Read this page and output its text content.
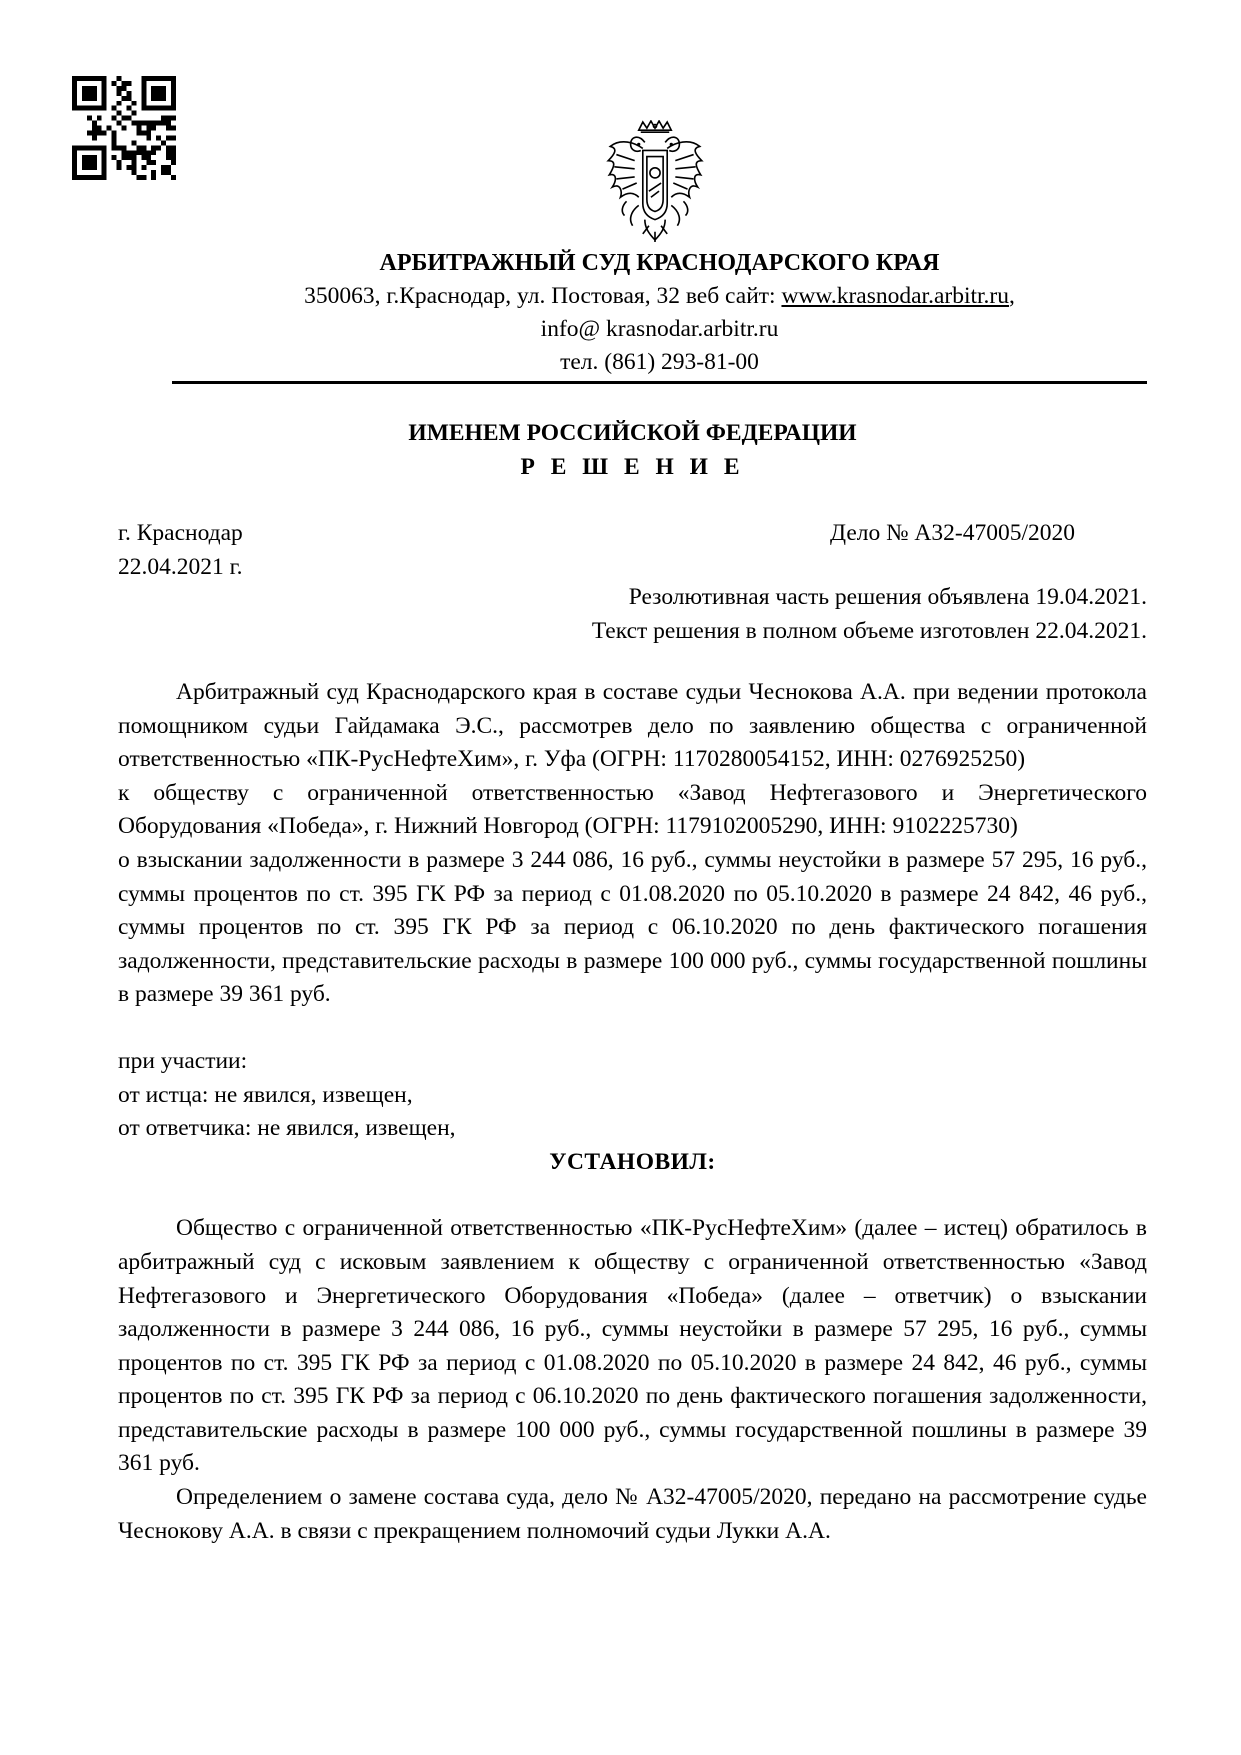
АРБИТРАЖНЫЙ СУД КРАСНОДАРСКОГО КРАЯ

350063, г.Краснодар, ул. Постовая, 32 веб сайт: www.krasnodar.arbitr.ru,

info@ krasnodar.arbitr.ru

тел. (861) 293-81-00

ИМЕНЕМ РОССИЙСКОЙ ФЕДЕРАЦИИ

Р Е Ш Е Н И Е

г. Краснодар

22.04.2021 г.

Дело № А32-47005/2020

Резолютивная часть решения объявлена 19.04.2021.

Текст решения в полном объеме изготовлен 22.04.2021.

Арбитражный суд Краснодарского края в составе судьи Чеснокова А.А. при ведении протокола помощником судьи Гайдамака Э.С., рассмотрев дело по заявлению общества с ограниченной ответственностью «ПК-РусНефтеХим», г. Уфа (ОГРН: 1170280054152, ИНН: 0276925250)

к обществу с ограниченной ответственностью «Завод Нефтегазового и Энергетического Оборудования «Победа», г. Нижний Новгород (ОГРН: 1179102005290, ИНН: 9102225730)

о взыскании задолженности в размере 3 244 086, 16 руб., суммы неустойки в размере 57 295, 16 руб., суммы процентов по ст. 395 ГК РФ за период с 01.08.2020 по 05.10.2020 в размере 24 842, 46 руб., суммы процентов по ст. 395 ГК РФ за период с 06.10.2020 по день фактического погашения задолженности, представительские расходы в размере 100 000 руб., суммы государственной пошлины в размере 39 361 руб.

при участии:

от истца: не явился, извещен,

от ответчика: не явился, извещен,

УСТАНОВИЛ:

Общество с ограниченной ответственностью «ПК-РусНефтеХим» (далее – истец) обратилось в арбитражный суд с исковым заявлением к обществу с ограниченной ответственностью «Завод Нефтегазового и Энергетического Оборудования «Победа» (далее – ответчик) о взыскании задолженности в размере 3 244 086, 16 руб., суммы неустойки в размере 57 295, 16 руб., суммы процентов по ст. 395 ГК РФ за период с 01.08.2020 по 05.10.2020 в размере 24 842, 46 руб., суммы процентов по ст. 395 ГК РФ за период с 06.10.2020 по день фактического погашения задолженности, представительские расходы в размере 100 000 руб., суммы государственной пошлины в размере 39 361 руб.

Определением о замене состава суда, дело № А32-47005/2020, передано на рассмотрение судье Чеснокову А.А. в связи с прекращением полномочий судьи Лукки А.А.
